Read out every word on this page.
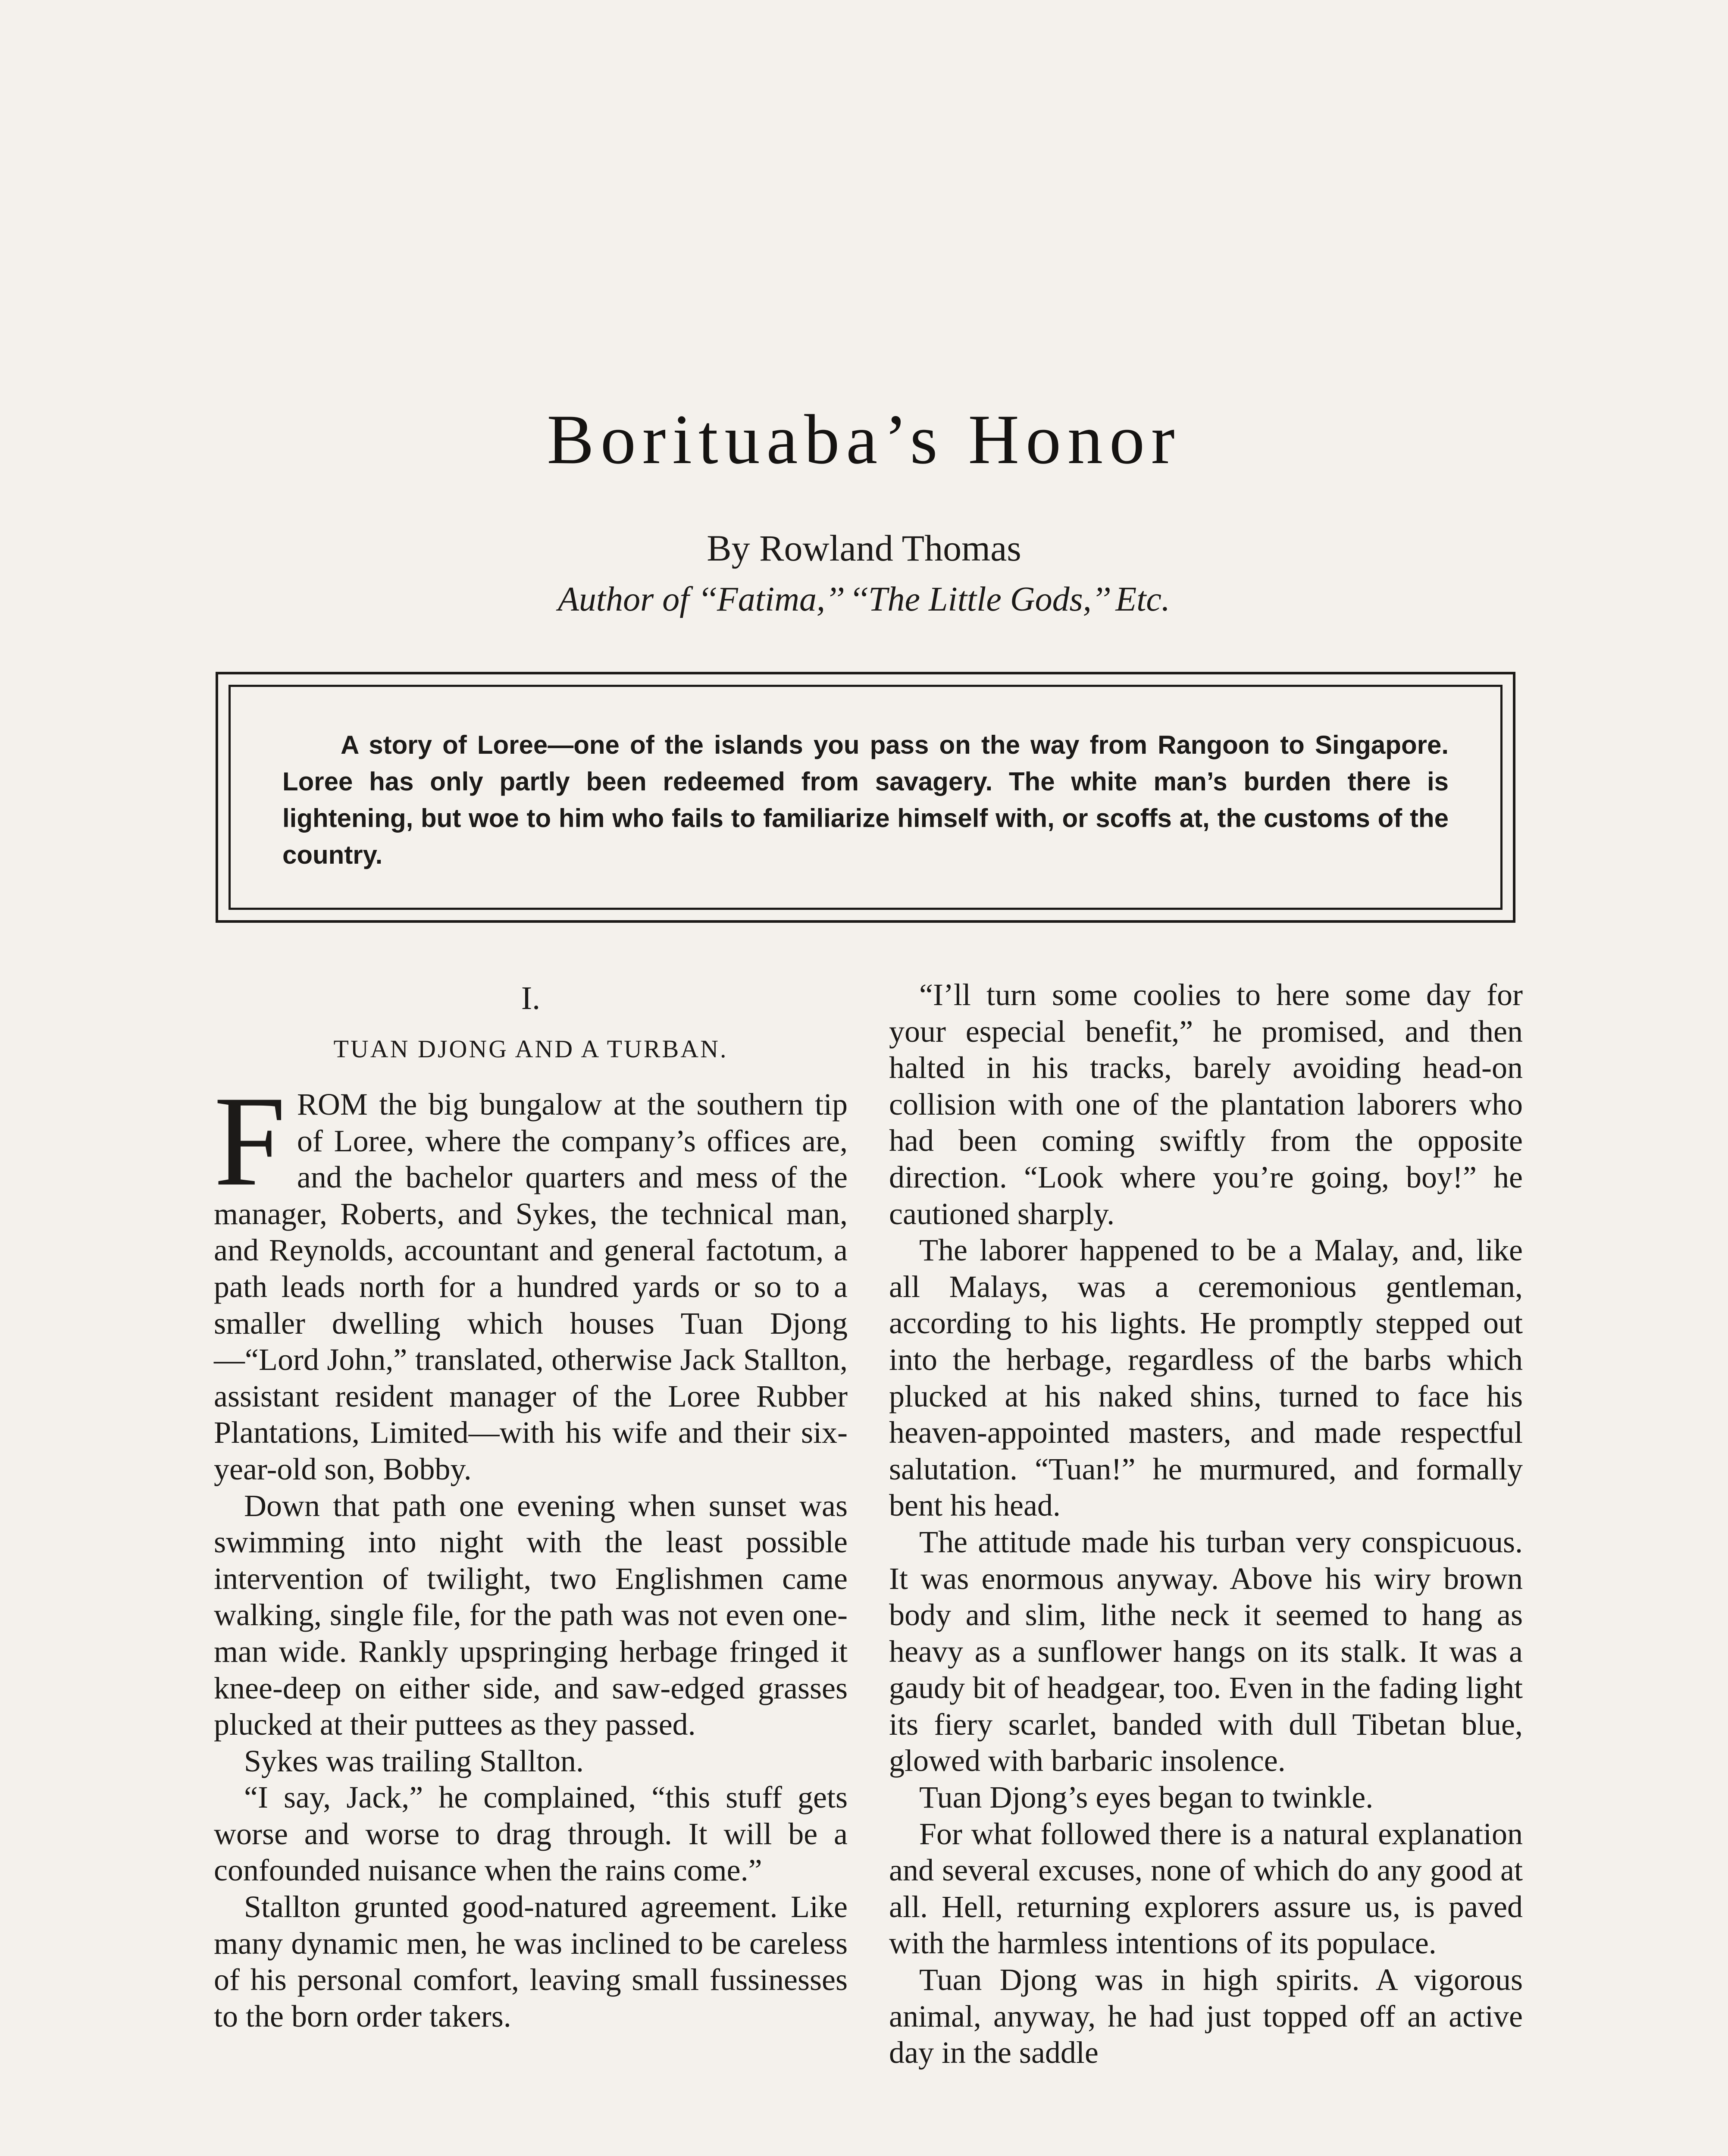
Borituaba’s Honor
By Rowland Thomas
Author of ‘‘Fatima,’’ ‘‘The Little Gods,’’ Etc.

A story of Loree—one of the islands you pass on the way from Rangoon to Singapore. Loree has only partly been redeemed from savagery. The white man’s burden there is lightening, but woe to him who fails to familiarize himself with, or scoffs at, the customs of the country.

I.
TUAN DJONG AND A TURBAN.

FROM the big bungalow at the southern tip of Loree, where the company’s offices are, and the bachelor quarters and mess of the manager, Roberts, and Sykes, the technical man, and Reynolds, accountant and general factotum, a path leads north for a hundred yards or so to a smaller dwelling which houses Tuan Djong—“Lord John,” translated, otherwise Jack Stallton, assistant resident manager of the Loree Rubber Plantations, Limited—with his wife and their six-year-old son, Bobby.

Down that path one evening when sunset was swimming into night with the least possible intervention of twilight, two Englishmen came walking, single file, for the path was not even one-man wide. Rankly upspringing herbage fringed it knee-deep on either side, and saw-edged grasses plucked at their puttees as they passed.

Sykes was trailing Stallton.

“I say, Jack,” he complained, “this stuff gets worse and worse to drag through. It will be a confounded nuisance when the rains come.”

Stallton grunted good-natured agreement. Like many dynamic men, he was inclined to be careless of his personal comfort, leaving small fussinesses to the born order takers.

“I’ll turn some coolies to here some day for your especial benefit,” he promised, and then halted in his tracks, barely avoiding head-on collision with one of the plantation laborers who had been coming swiftly from the opposite direction. “Look where you’re going, boy!” he cautioned sharply.

The laborer happened to be a Malay, and, like all Malays, was a ceremonious gentleman, according to his lights. He promptly stepped out into the herbage, regardless of the barbs which plucked at his naked shins, turned to face his heaven-appointed masters, and made respectful salutation. “Tuan!” he murmured, and formally bent his head.

The attitude made his turban very conspicuous. It was enormous anyway. Above his wiry brown body and slim, lithe neck it seemed to hang as heavy as a sunflower hangs on its stalk. It was a gaudy bit of headgear, too. Even in the fading light its fiery scarlet, banded with dull Tibetan blue, glowed with barbaric insolence.

Tuan Djong’s eyes began to twinkle.

For what followed there is a natural explanation and several excuses, none of which do any good at all. Hell, returning explorers assure us, is paved with the harmless intentions of its populace.

Tuan Djong was in high spirits. A vigorous animal, anyway, he had just topped off an active day in the saddle
